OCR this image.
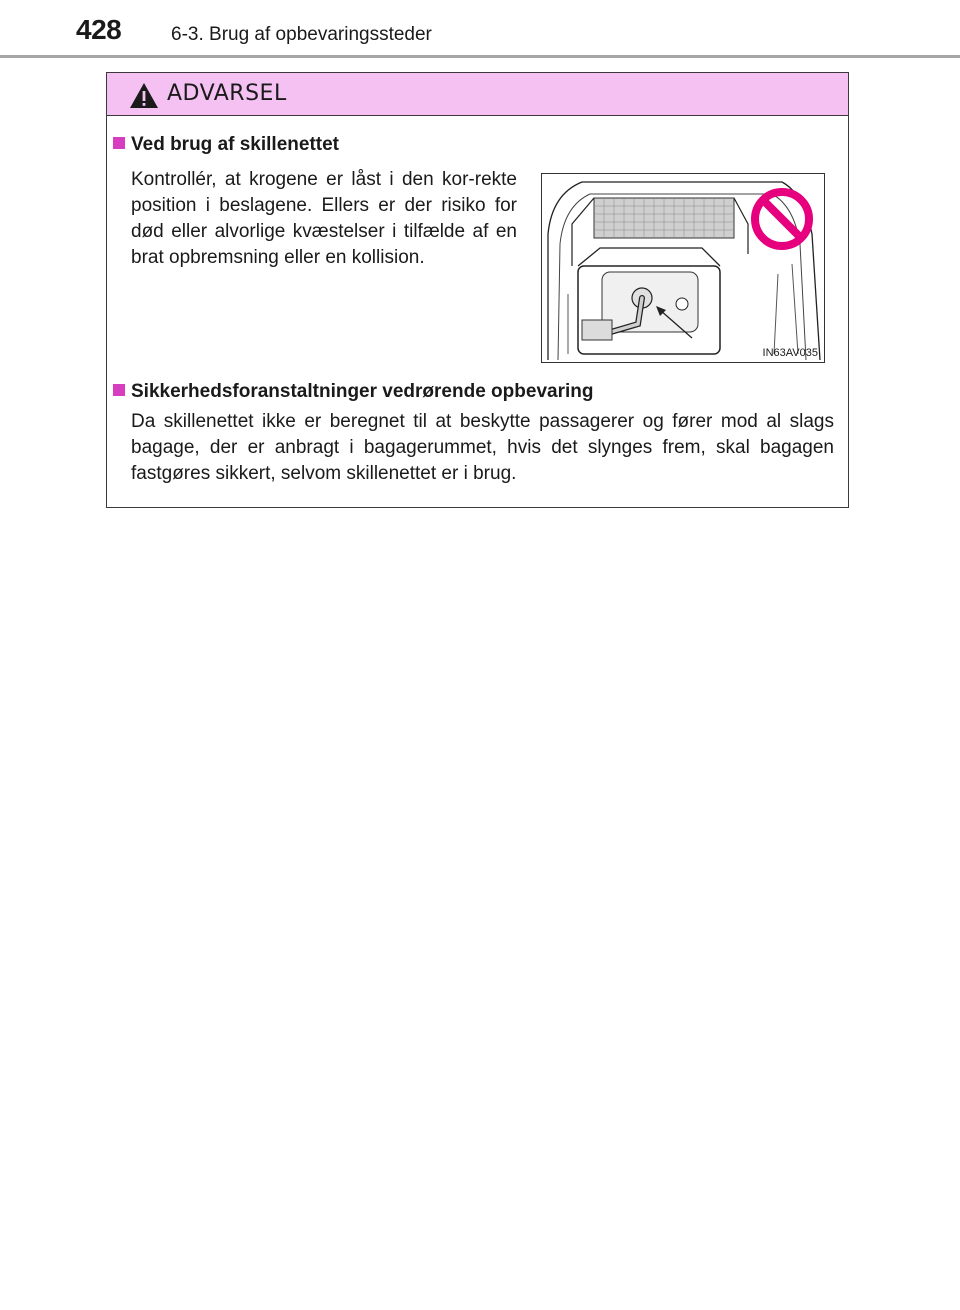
428	6-3. Brug af opbevaringssteder
ADVARSEL
Ved brug af skillenettet
Kontrollér, at krogene er låst i den kor-rekte position i beslagene. Ellers er der risiko for død eller alvorlige kvæstelser i tilfælde af en brat opbremsning eller en kollision.
IN63AV035
Sikkerhedsforanstaltninger vedrørende opbevaring
Da skillenettet ikke er beregnet til at beskytte passagerer og fører mod al slags bagage, der er anbragt i bagagerummet, hvis det slynges frem, skal bagagen fastgøres sikkert, selvom skillenettet er i brug.
